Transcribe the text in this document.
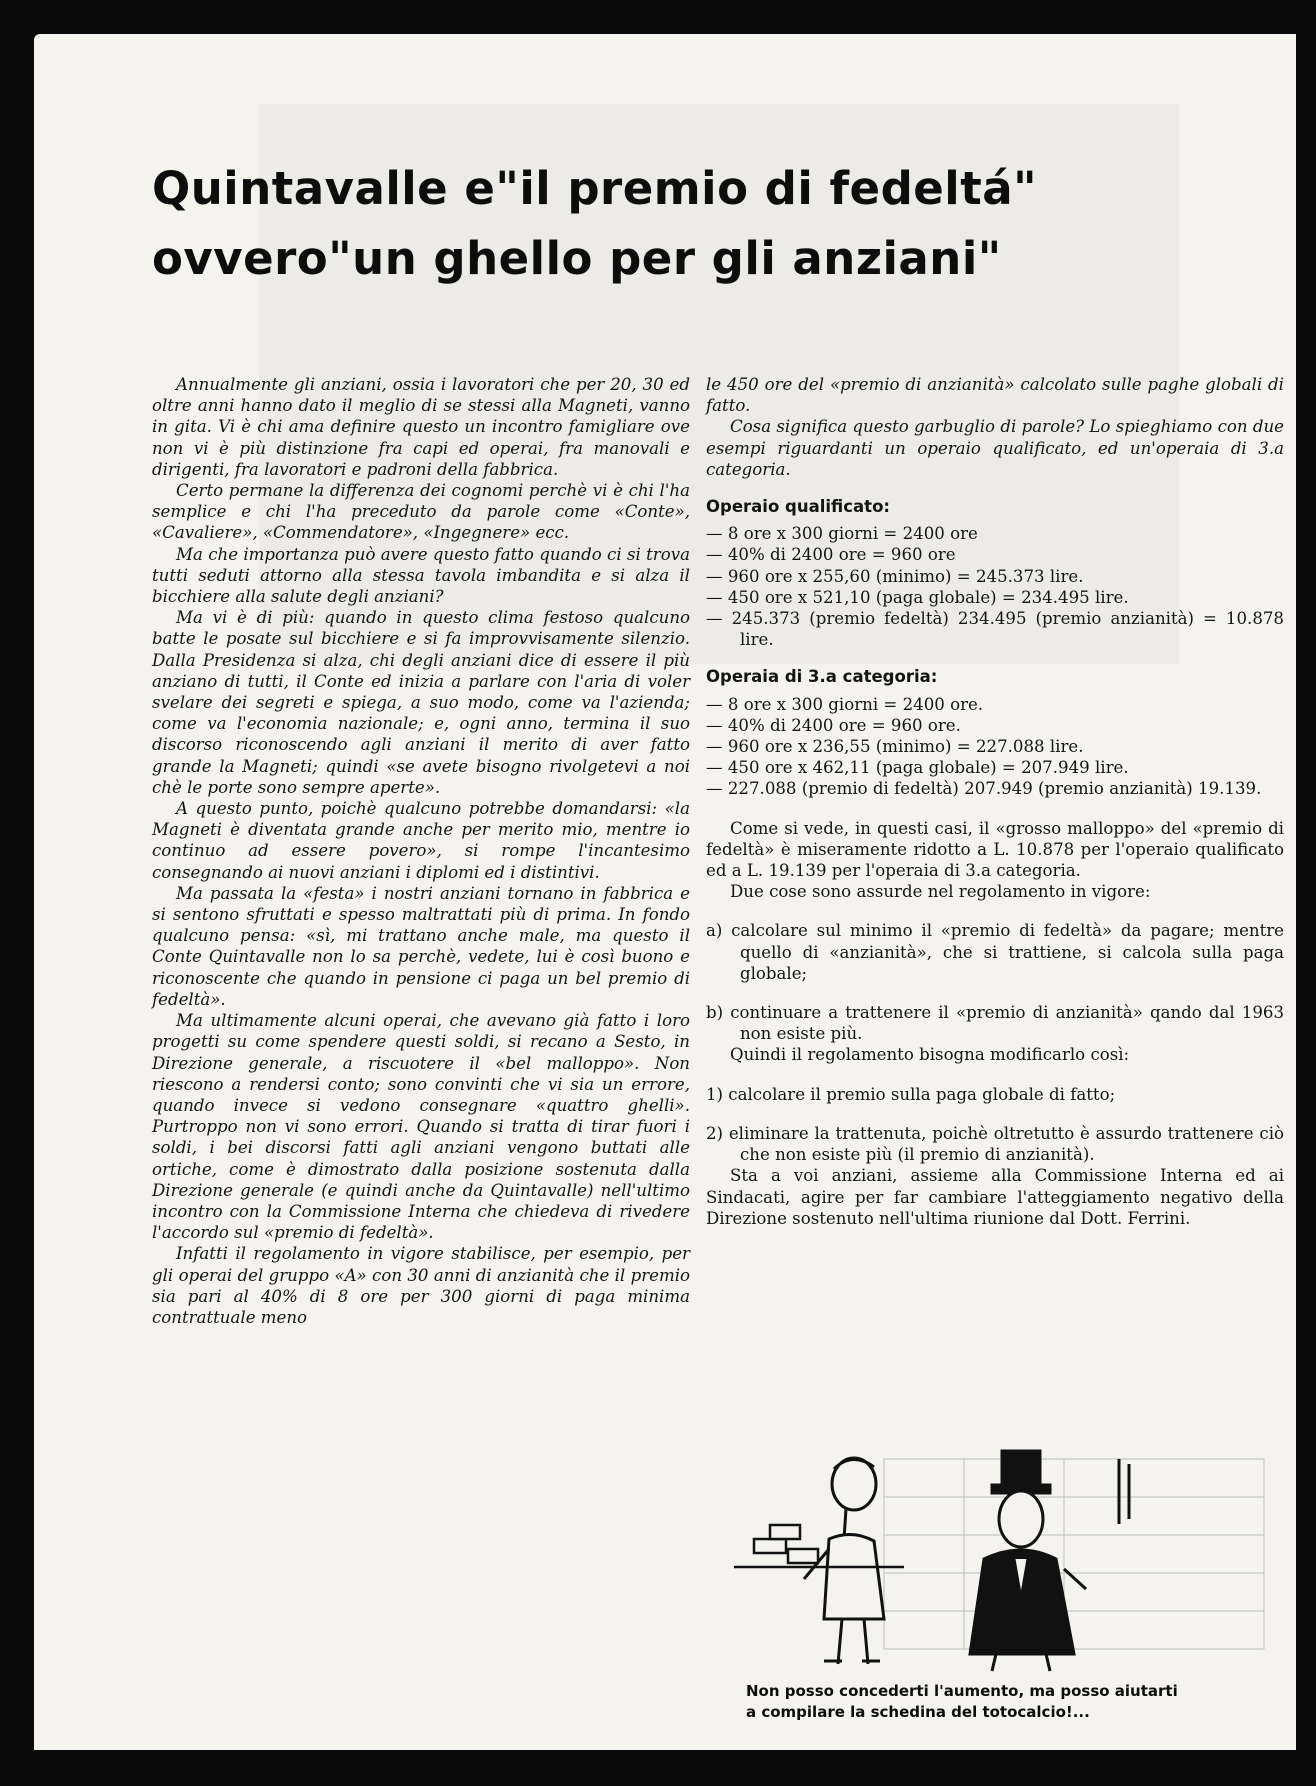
Quintavalle e"il premio di fedeltá"
ovvero"un ghello per gli anziani"

Annualmente gli anziani, ossia i lavoratori che per 20, 30 ed oltre anni hanno dato il meglio di se stessi alla Magneti, vanno in gita. Vi è chi ama definire questo un incontro famigliare ove non vi è più distinzione fra capi ed operai, fra manovali e dirigenti, fra lavoratori e padroni della fabbrica.

Certo permane la differenza dei cognomi perchè vi è chi l'ha semplice e chi l'ha preceduto da parole come «Conte», «Cavaliere», «Commendatore», «Ingegnere» ecc.

Ma che importanza può avere questo fatto quando ci si trova tutti seduti attorno alla stessa tavola imbandita e si alza il bicchiere alla salute degli anziani?

Ma vi è di più: quando in questo clima festoso qualcuno batte le posate sul bicchiere e si fa improvvisamente silenzio. Dalla Presidenza si alza, chi degli anziani dice di essere il più anziano di tutti, il Conte ed inizia a parlare con l'aria di voler svelare dei segreti e spiega, a suo modo, come va l'azienda; come va l'economia nazionale; e, ogni anno, termina il suo discorso riconoscendo agli anziani il merito di aver fatto grande la Magneti; quindi «se avete bisogno rivolgetevi a noi chè le porte sono sempre aperte».

A questo punto, poichè qualcuno potrebbe domandarsi: «la Magneti è diventata grande anche per merito mio, mentre io continuo ad essere povero», si rompe l'incantesimo consegnando ai nuovi anziani i diplomi ed i distintivi.

Ma passata la «festa» i nostri anziani tornano in fabbrica e si sentono sfruttati e spesso maltrattati più di prima. In fondo qualcuno pensa: «sì, mi trattano anche male, ma questo il Conte Quintavalle non lo sa perchè, vedete, lui è così buono e riconoscente che quando in pensione ci paga un bel premio di fedeltà».

Ma ultimamente alcuni operai, che avevano già fatto i loro progetti su come spendere questi soldi, si recano a Sesto, in Direzione generale, a riscuotere il «bel malloppo». Non riescono a rendersi conto; sono convinti che vi sia un errore, quando invece si vedono consegnare «quattro ghelli». Purtroppo non vi sono errori. Quando si tratta di tirar fuori i soldi, i bei discorsi fatti agli anziani vengono buttati alle ortiche, come è dimostrato dalla posizione sostenuta dalla Direzione generale (e quindi anche da Quintavalle) nell'ultimo incontro con la Commissione Interna che chiedeva di rivedere l'accordo sul «premio di fedeltà».

Infatti il regolamento in vigore stabilisce, per esempio, per gli operai del gruppo «A» con 30 anni di anzianità che il premio sia pari al 40% di 8 ore per 300 giorni di paga minima contrattuale meno

le 450 ore del «premio di anzianità» calcolato sulle paghe globali di fatto.

Cosa significa questo garbuglio di parole? Lo spieghiamo con due esempi riguardanti un operaio qualificato, ed un'operaia di 3.a categoria.

Operaio qualificato:
— 8 ore x 300 giorni = 2400 ore
— 40% di 2400 ore = 960 ore
— 960 ore x 255,60 (minimo) = 245.373 lire.
— 450 ore x 521,10 (paga globale) = 234.495 lire.
— 245.373 (premio fedeltà) 234.495 (premio anzianità) = 10.878 lire.
Operaia di 3.a categoria:
— 8 ore x 300 giorni = 2400 ore.
— 40% di 2400 ore = 960 ore.
— 960 ore x 236,55 (minimo) = 227.088 lire.
— 450 ore x 462,11 (paga globale) = 207.949 lire.
— 227.088 (premio di fedeltà) 207.949 (premio anzianità) 19.139.

Come si vede, in questi casi, il «grosso malloppo» del «premio di fedeltà» è miseramente ridotto a L. 10.878 per l'operaio qualificato ed a L. 19.139 per l'operaia di 3.a categoria.

Due cose sono assurde nel regolamento in vigore:

a) calcolare sul minimo il «premio di fedeltà» da pagare; mentre quello di «anzianità», che si trattiene, si calcola sulla paga globale;

b) continuare a trattenere il «premio di anzianità» qando dal 1963 non esiste più.

Quindi il regolamento bisogna modificarlo così:

1) calcolare il premio sulla paga globale di fatto;

2) eliminare la trattenuta, poichè oltretutto è assurdo trattenere ciò che non esiste più (il premio di anzianità).

Sta a voi anziani, assieme alla Commissione Interna ed ai Sindacati, agire per far cambiare l'atteggiamento negativo della Direzione sostenuto nell'ultima riunione dal Dott. Ferrini.

Non posso concederti l'aumento, ma posso aiutarti
a compilare la schedina del totocalcio!...
